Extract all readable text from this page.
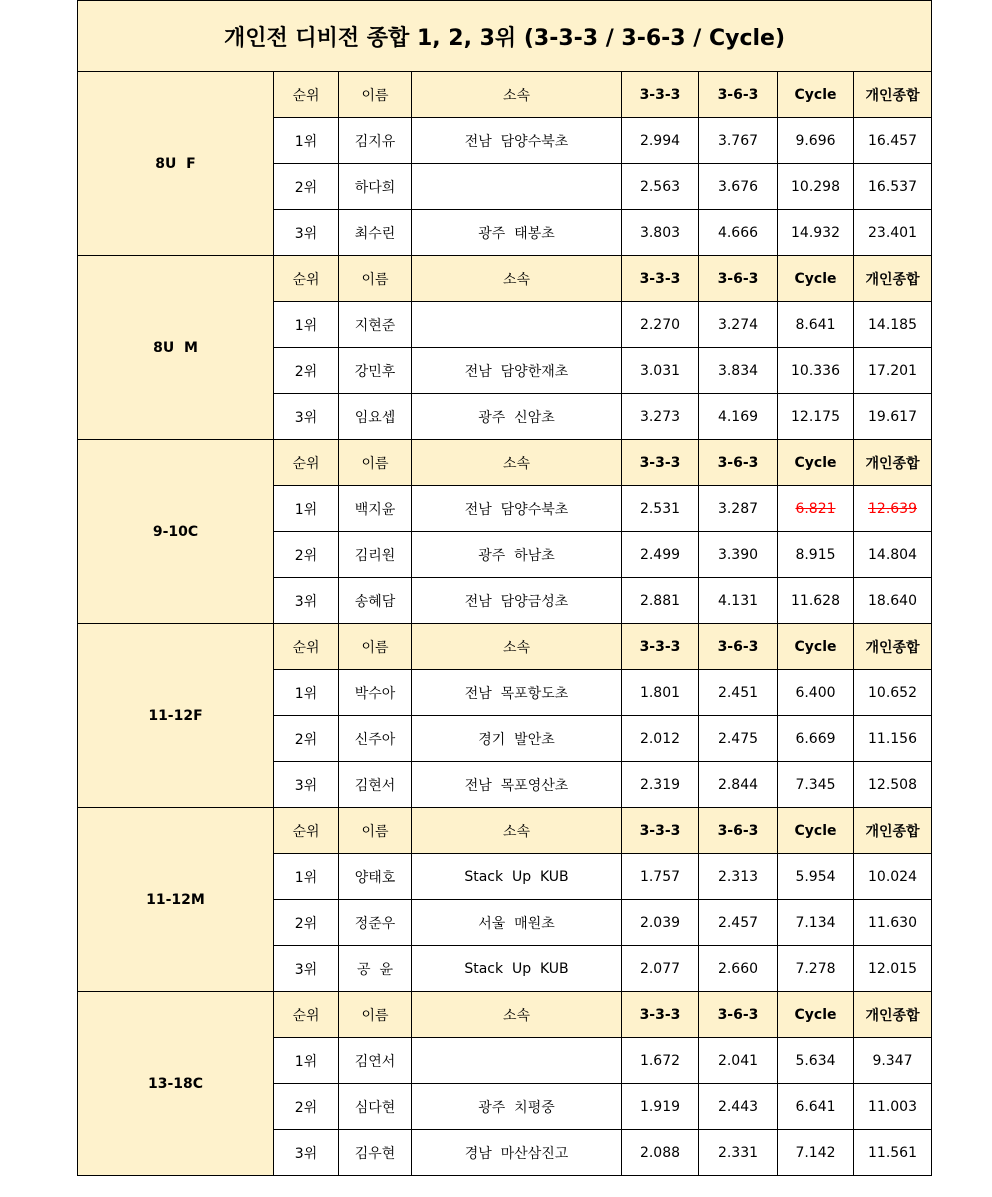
개인전 디비전 종합 1, 2, 3위 (3-3-3 / 3-6-3 / Cycle)							
8U  F	순위	이름	소속	3-3-3	3-6-3	Cycle	개인종합
	1위	김지유	전남  담양수북초	2.994	3.767	9.696	16.457
	2위	하다희		2.563	3.676	10.298	16.537
	3위	최수린	광주  태봉초	3.803	4.666	14.932	23.401
8U  M	순위	이름	소속	3-3-3	3-6-3	Cycle	개인종합
	1위	지현준		2.270	3.274	8.641	14.185
	2위	강민후	전남  담양한재초	3.031	3.834	10.336	17.201
	3위	임요셉	광주  신암초	3.273	4.169	12.175	19.617
9-10C	순위	이름	소속	3-3-3	3-6-3	Cycle	개인종합
	1위	백지윤	전남  담양수북초	2.531	3.287	6.821	12.639
	2위	김리원	광주  하남초	2.499	3.390	8.915	14.804
	3위	송혜담	전남  담양금성초	2.881	4.131	11.628	18.640
11-12F	순위	이름	소속	3-3-3	3-6-3	Cycle	개인종합
	1위	박수아	전남  목포항도초	1.801	2.451	6.400	10.652
	2위	신주아	경기  발안초	2.012	2.475	6.669	11.156
	3위	김현서	전남  목포영산초	2.319	2.844	7.345	12.508
11-12M	순위	이름	소속	3-3-3	3-6-3	Cycle	개인종합
	1위	양태호	Stack  Up  KUB	1.757	2.313	5.954	10.024
	2위	정준우	서울  매원초	2.039	2.457	7.134	11.630
	3위	공  윤	Stack  Up  KUB	2.077	2.660	7.278	12.015
13-18C	순위	이름	소속	3-3-3	3-6-3	Cycle	개인종합
	1위	김연서		1.672	2.041	5.634	9.347
	2위	심다현	광주  치평중	1.919	2.443	6.641	11.003
	3위	김우현	경남  마산삼진고	2.088	2.331	7.142	11.561
